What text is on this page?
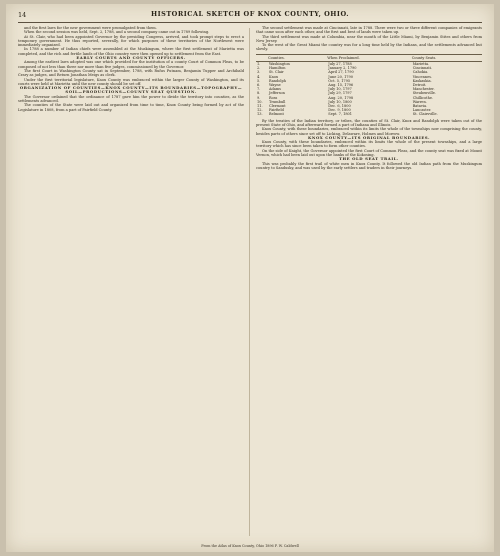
14	HISTORICAL SKETCH OF KNOX COUNTY, OHIO.

and the first laws for the new government were promulgated from them.

When the second session was held, Sept. 2, 1788, and a second company came out in 1789 following.

At St. Clair, who had been appointed Governor by the presiding Congress, arrived, and took prompt steps to erect a temporary government. He thus reported, severally, for which purposes of these territories of the Northwest were immediately organized.

In 1788 a number of Indian chiefs were assembled at the Muskingum, where the first settlement of Marietta was completed, and the rich and fertile lands of the Ohio country were then opened up to settlement from the East.

EARLY COURTS AND COUNTY OFFICERS.

Among the earliest laws adopted was one which provided for the institution of a county Court of Common Pleas, to be composed of not less than three nor more than five judges, commissioned by the Governor.

The first Court in Washington County sat in September, 1788, with Rufus Putnam, Benjamin Tupper and Archibald Crary as judges, and Return Jonathan Meigs as clerk.

Under the first territorial legislature, Knox County was embraced within the larger County of Washington, and its courts were held at Marietta until the new county should be set off.

ORGANIZATION OF COUNTIES—KNOX COUNTY—ITS BOUNDARIES—TOPOGRAPHY—SOIL—PRODUCTIONS—COUNTY SEAT QUESTION.

The Governor ordained that the ordinance of 1787 gave him the power to divide the territory into counties, as the settlements advanced.

The counties of the State were laid out and organized from time to time, Knox County being formed by act of the Legislature in 1808, from a part of Fairfield County.

The second settlement was made at Cincinnati, late in 1788. There were two or three different companies of emigrants that came soon after each other, and the first and best of lands were taken up.

The third settlement was made at Columbia, near the mouth of the Little Miami, by Benjamin Stites and others from New Jersey.

To the west of the Great Miami the country was for a long time held by the Indians, and the settlements advanced but slowly.

	Counties.	When Proclaimed.	County Seats.
1.	Washington	July 27, 1788	Marietta.
2.	Hamilton	January 2, 1790	Cincinnati.
3.	St. Clair	April 27, 1790	Cahokia.
4.	Knox	June 20, 1790	Vincennes.
5.	Randolph	Oct. 5, 1795	Kaskaskia.
6.	Wayne	Aug. 15, 1796	Detroit.
7.	Adams	July 10, 1797	Manchester.
8.	Jefferson	July 29, 1797	Steubenville.
9.	Ross	Aug. 20, 1798	Chillicothe.
10.	Trumbull	July 10, 1800	Warren.
11.	Clermont	Dec. 6, 1800	Batavia.
12.	Fairfield	Dec. 9, 1800	Lancaster.
13.	Belmont	Sept. 7, 1801	St. Clairsville.

By the treaties of the Indian territory, or tribes, the counties of St. Clair, Knox and Randolph were taken out of the present State of Ohio, and afterward formed a part of Indiana and Illinois.

Knox County, with these boundaries, embraced within its limits the whole of the townships now comprising the county, besides parts of others since set off to Licking, Delaware, Holmes and Morrow.

KNOX COUNTY—ITS ORIGINAL BOUNDARIES.

Knox County, with these boundaries, embraced within its limits the whole of the present townships, and a large territory which has since been taken to form other counties.

On the side of Knight, the Governor appointed the first Court of Common Pleas, and the county seat was fixed at Mount Vernon, which had been laid out upon the banks of the Kokosing.

THE OLD SEAT TRAIL.

This was probably the first trail of white men in Knox County. It followed the old Indian path from the Muskingum country to Sandusky, and was used by the early settlers and traders in their journeys.

From the Atlas of Knox County, Ohio 1896 F. W. Caldwell
